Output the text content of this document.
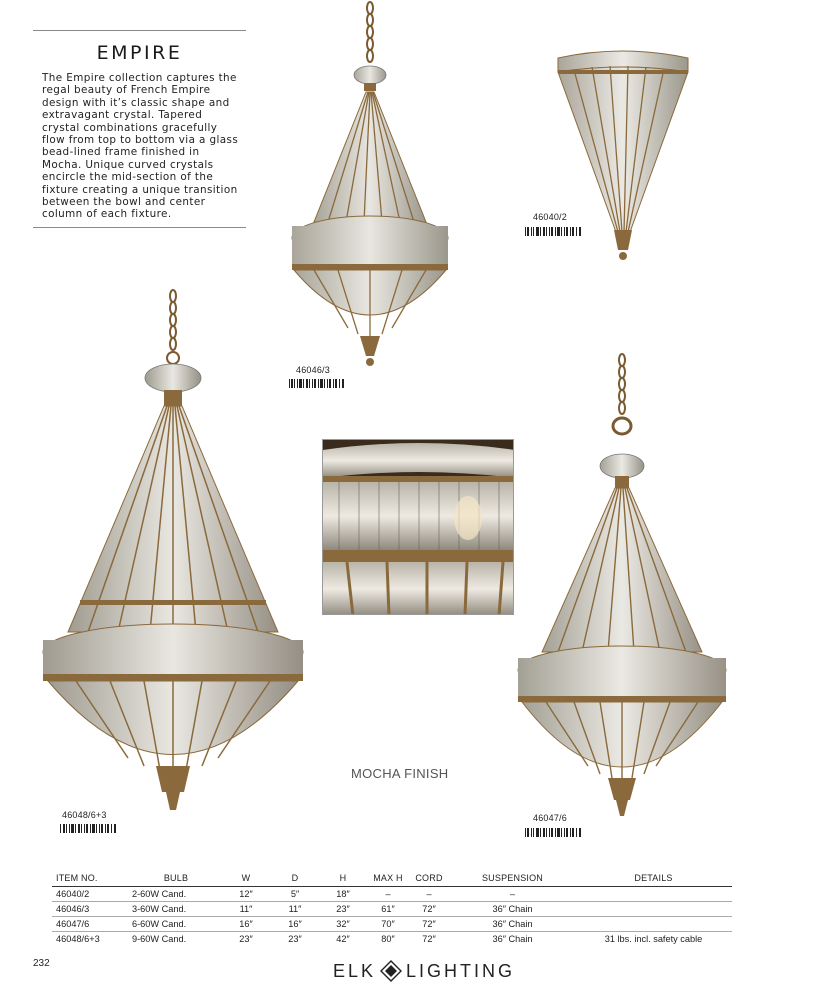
EMPIRE

The Empire collection captures the regal beauty of French Empire design with it’s classic shape and extravagant crystal. Tapered crystal combinations gracefully flow from top to bottom via a glass bead-lined frame finished in Mocha. Unique curved crystals encircle the mid-section of the fixture creating a unique transition between the bowl and center column of each fixture.

46046/3
46040/2
46048/6+3	46047/6
MOCHA FINISH
ITEM NO.	BULB	W	D	H	MAX H	CORD	SUSPENSION	DETAILS
46040/2	2-60W Cand.	12″	5″	18″	–	–	–	
46046/3	3-60W Cand.	11″	11″	23″	61″	72″	36″ Chain	
46047/6	6-60W Cand.	16″	16″	32″	70″	72″	36″ Chain	
46048/6+3	9-60W Cand.	23″	23″	42″	80″	72″	36″ Chain	31 lbs. incl. safety cable
232	ELK LIGHTING
